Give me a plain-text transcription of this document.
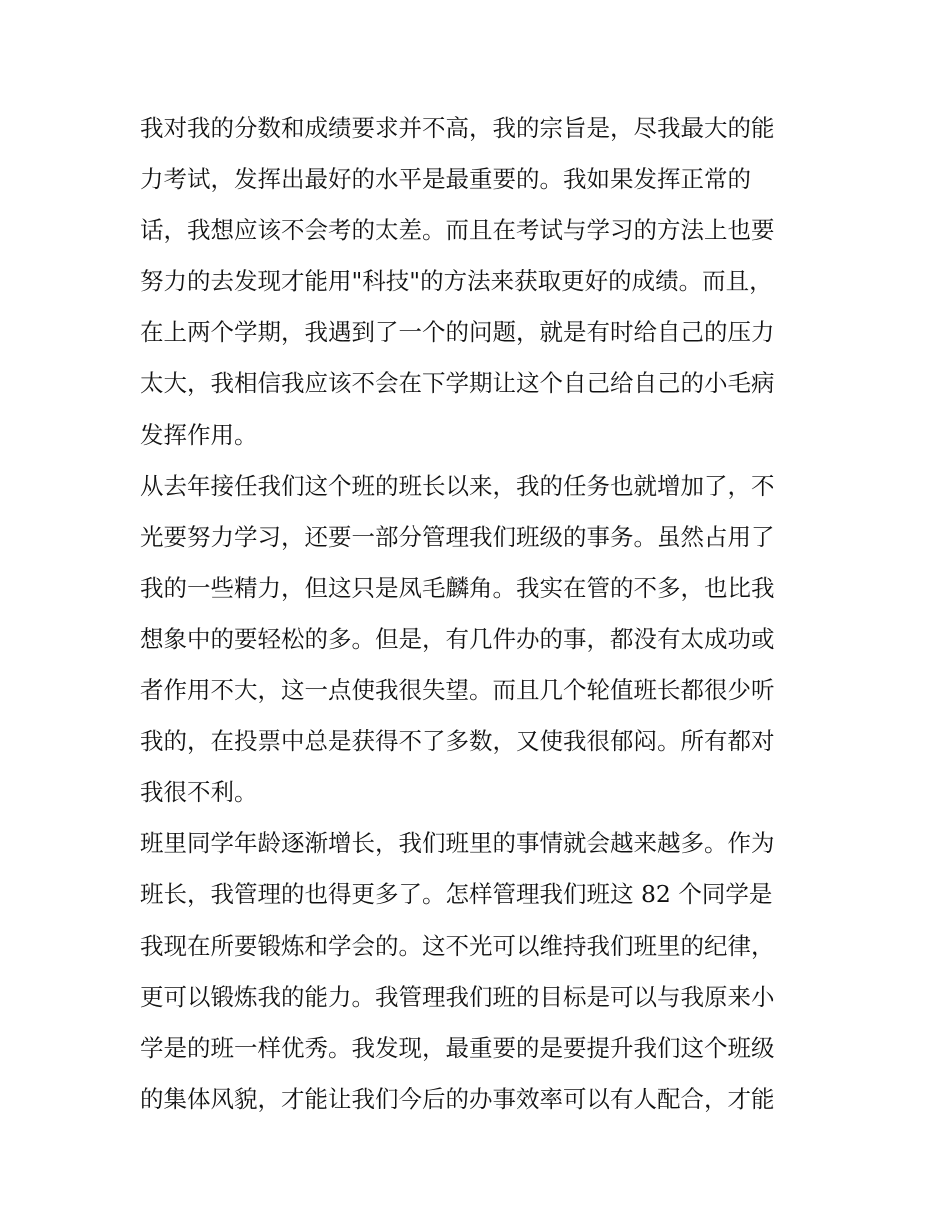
我对我的分数和成绩要求并不高，我的宗旨是，尽我最大的能

力考试，发挥出最好的水平是最重要的。我如果发挥正常的

话，我想应该不会考的太差。而且在考试与学习的方法上也要

努力的去发现才能用"科技"的方法来获取更好的成绩。而且，

在上两个学期，我遇到了一个的问题，就是有时给自己的压力

太大，我相信我应该不会在下学期让这个自己给自己的小毛病

发挥作用。

从去年接任我们这个班的班长以来，我的任务也就增加了，不

光要努力学习，还要一部分管理我们班级的事务。虽然占用了

我的一些精力，但这只是凤毛麟角。我实在管的不多，也比我

想象中的要轻松的多。但是，有几件办的事，都没有太成功或

者作用不大，这一点使我很失望。而且几个轮值班长都很少听

我的，在投票中总是获得不了多数，又使我很郁闷。所有都对

我很不利。

班里同学年龄逐渐增长，我们班里的事情就会越来越多。作为

班长，我管理的也得更多了。怎样管理我们班这 82 个同学是

我现在所要锻炼和学会的。这不光可以维持我们班里的纪律，

更可以锻炼我的能力。我管理我们班的目标是可以与我原来小

学是的班一样优秀。我发现，最重要的是要提升我们这个班级

的集体风貌，才能让我们今后的办事效率可以有人配合，才能
